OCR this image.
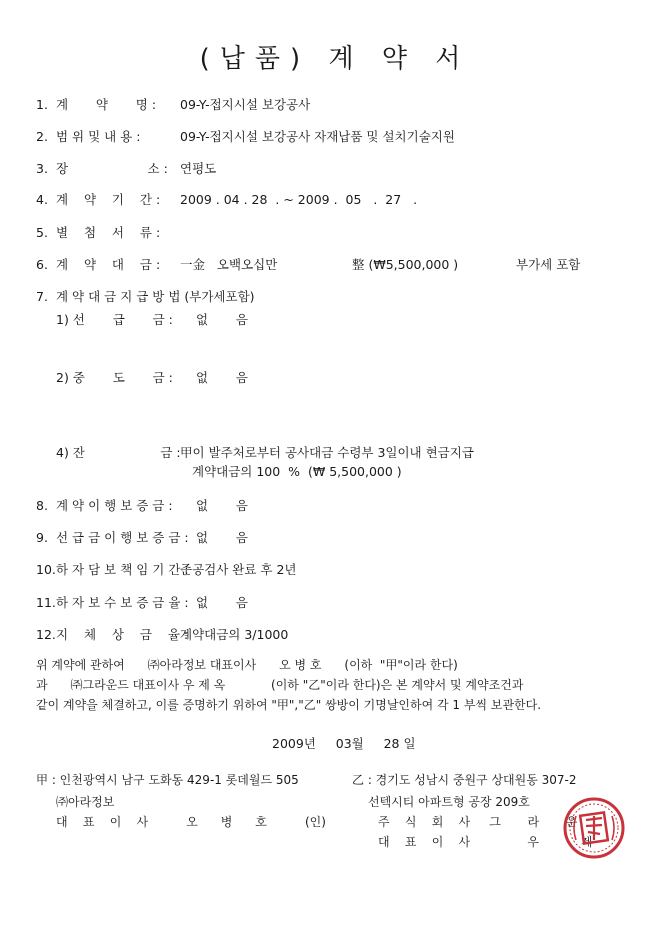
(납품) 계 약 서
1. 계       약       명 : 09-Y-접지시설 보강공사
2. 범 위 및 내 용 :	09-Y-접지시설 보강공사 자재납품 및 설치기술지원
3. 장                    소 : 연평도
4. 계    약    기    간 : 2009 . 04 . 28  . ~ 2009 .  05   .  27   .
5. 별    첨    서    류 :
6. 계    약    대    금 : 一金   오백오십만	整 (₩5,500,000 )	부가세 포함
7. 계 약 대 금 지 급 방 법 (부가세포함)
1) 선       급       금 : 없       음
2) 중       도       금 : 없       음
4) 잔                   금 : 甲이 발주처로부터 공사대금 수령부 3일이내 현금지급
계약대금의 100  %  (₩ 5,500,000 )
8. 계 약 이 행 보 증 금 : 없       음
9. 선 급 금 이 행 보 증 금 : 없       음
10. 하 자 담 보 책 임 기 간 :
준공검사 완료 후 2년
11. 하 자 보 수 보 증 금 율 : 없       음
12. 지    체    상    금    율 :
계약대금의 3/1000
위 계약에 관하여      ㈜아라정보 대표이사      오 병 호      (이하  "甲"이라 한다)
과      ㈜그라운드 대표이사 우 제 옥            (이하 "乙"이라 한다)은 본 계약서 및 계약조건과
같이 계약을 체결하고, 이를 증명하기 위하여 "甲","乙" 쌍방이 기명날인하여 각 1 부씩 보관한다.
2009년     03월     28 일
甲 : 인천광역시 남구 도화동 429-1 롯데월드 505
㈜아라정보
대    표    이    사          오      병      호          (인)
乙 : 경기도 성남시 중원구 상대원동 307-2
선텍시티 아파트형 공장 209호
주    식    회    사     그       라       운
대    표    이    사               우           제
